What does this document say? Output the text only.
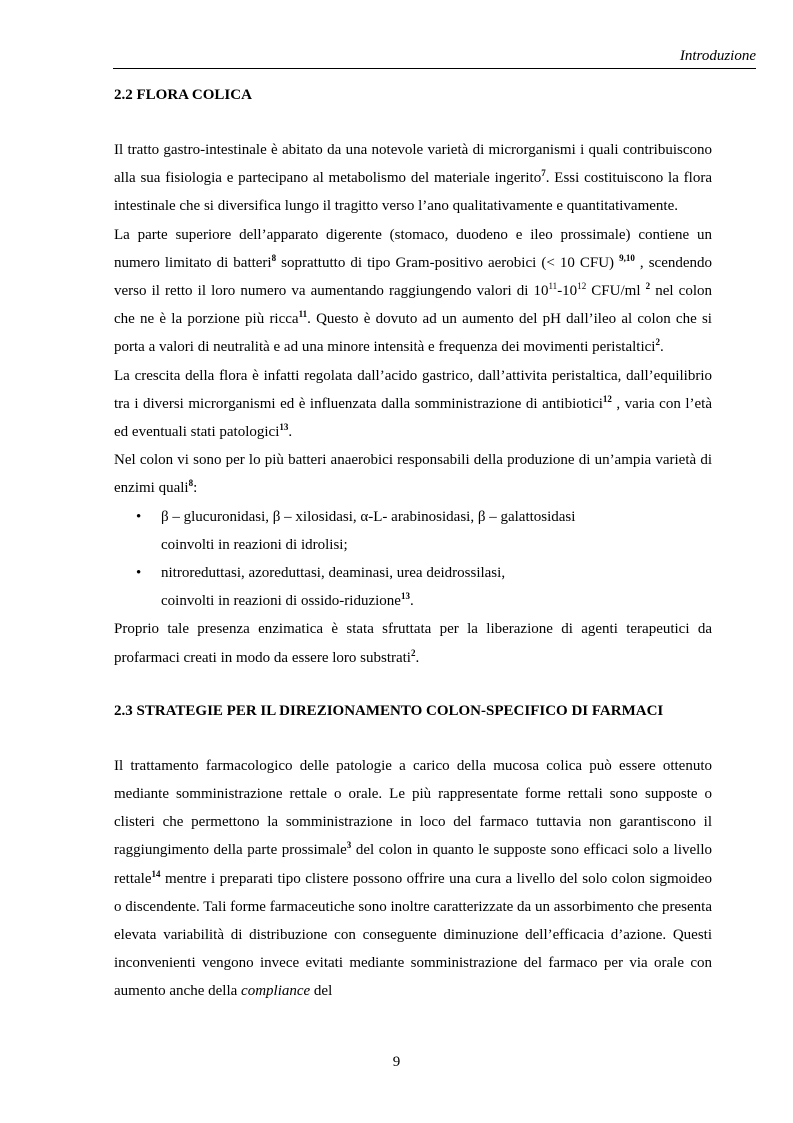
Introduzione

2.2 FLORA COLICA

Il tratto gastro-intestinale è abitato da una notevole varietà di microrganismi i quali contribuiscono alla sua fisiologia e partecipano al metabolismo del materiale ingerito$^7$. Essi costituiscono la flora intestinale che si diversifica lungo il tragitto verso l’ano qualitativamente e quantitativamente.

La parte superiore dell’apparato digerente (stomaco, duodeno e ileo prossimale) contiene un numero limitato di batteri$^8$ soprattutto di tipo Gram-positivo aerobici (< 10 CFU) $^{9,10}$ , scendendo verso il retto il loro numero va aumentando raggiungendo valori di $10^{11}-10^{12}$ CFU/ml $^2$ nel colon che ne è la porzione più ricca$^{11}$. Questo è dovuto ad un aumento del pH dall’ileo al colon che si porta a valori di neutralità e ad una minore intensità e frequenza dei movimenti peristaltici$^2$.

La crescita della flora è infatti regolata dall’acido gastrico, dall’attivita peristaltica, dall’equilibrio tra i diversi microrganismi ed è influenzata dalla somministrazione di antibiotici$^{12}$ , varia con l’età ed eventuali stati patologici$^{13}$.

Nel colon vi sono per lo più batteri anaerobici responsabili della produzione di un’ampia varietà di enzimi quali$^8$:

• β – glucuronidasi, β – xilosidasi, α-L- arabinosidasi, β – galattosidasi
coinvolti in reazioni di idrolisi;
• nitroreduttasi, azoreduttasi, deaminasi, urea deidrossilasi,
coinvolti in reazioni di ossido-riduzione$^{13}$.

Proprio tale presenza enzimatica è stata sfruttata per la liberazione di agenti terapeutici da profarmaci creati in modo da essere loro substrati$^2$.

2.3 STRATEGIE PER IL DIREZIONAMENTO COLON-SPECIFICO DI FARMACI

Il trattamento farmacologico delle patologie a carico della mucosa colica può essere ottenuto mediante somministrazione rettale o orale. Le più rappresentate forme rettali sono supposte o clisteri che permettono la somministrazione in loco del farmaco tuttavia non garantiscono il raggiungimento della parte prossimale$^3$ del colon in quanto le supposte sono efficaci solo a livello rettale$^{14}$ mentre i preparati tipo clistere possono offrire una cura a livello del solo colon sigmoideo o discendente. Tali forme farmaceutiche sono inoltre caratterizzate da un assorbimento che presenta elevata variabilità di distribuzione con conseguente diminuzione dell’efficacia d’azione. Questi inconvenienti vengono invece evitati mediante somministrazione del farmaco per via orale con aumento anche della compliance del

9
